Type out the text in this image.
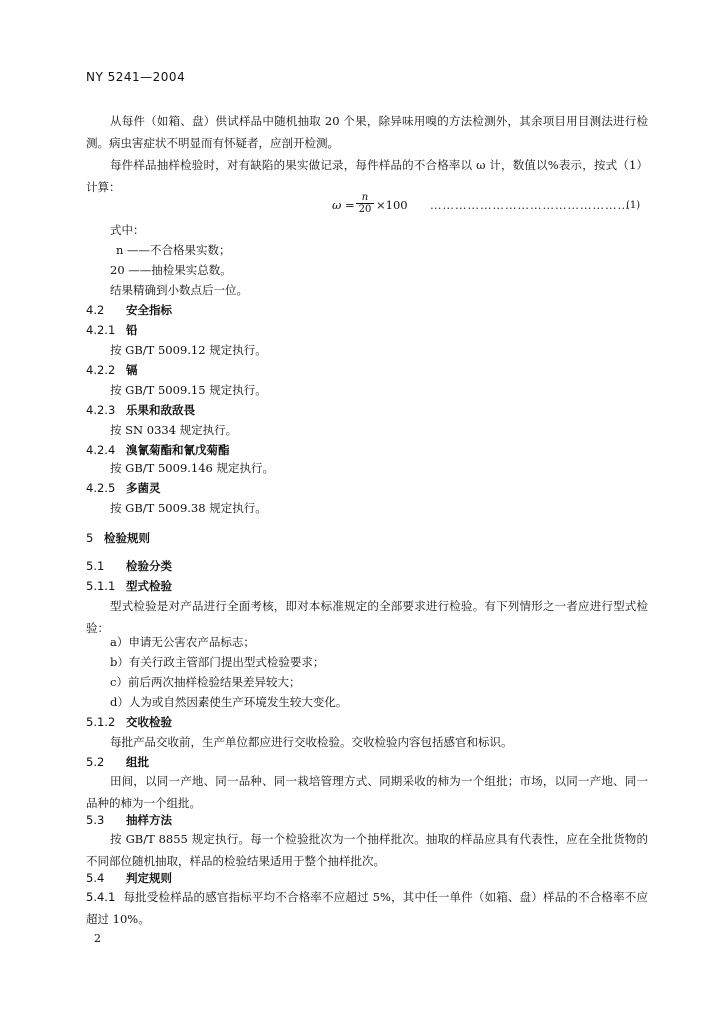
NY 5241—2004
从每件（如箱、盘）供试样品中随机抽取 20 个果，除异味用嗅的方法检测外，其余项目用目测法进行检测。病虫害症状不明显而有怀疑者，应剖开检测。
每件样品抽样检验时，对有缺陷的果实做记录，每件样品的不合格率以 ω 计，数值以%表示，按式（1）计算：
$\omega = \frac{n}{20} \times 100$ …………………………………………
(1)
式中：
n ——不合格果实数；
20 ——抽检果实总数。
结果精确到小数点后一位。
4.2 安全指标
4.2.1 铅
按 GB/T 5009.12 规定执行。
4.2.2 镉
按 GB/T 5009.15 规定执行。
4.2.3 乐果和敌敌畏
按 SN 0334 规定执行。
4.2.4 溴氰菊酯和氰戊菊酯
按 GB/T 5009.146 规定执行。
4.2.5 多菌灵
按 GB/T 5009.38 规定执行。
5 检验规则
5.1 检验分类
5.1.1 型式检验
型式检验是对产品进行全面考核，即对本标准规定的全部要求进行检验。有下列情形之一者应进行型式检验：
a）申请无公害农产品标志；
b）有关行政主管部门提出型式检验要求；
c）前后两次抽样检验结果差异较大；
d）人为或自然因素使生产环境发生较大变化。
5.1.2 交收检验
每批产品交收前，生产单位都应进行交收检验。交收检验内容包括感官和标识。
5.2 组批
田间，以同一产地、同一品种、同一栽培管理方式、同期采收的柿为一个组批；市场，以同一产地、同一品种的柿为一个组批。
5.3 抽样方法
按 GB/T 8855 规定执行。每一个检验批次为一个抽样批次。抽取的样品应具有代表性，应在全批货物的不同部位随机抽取，样品的检验结果适用于整个抽样批次。
5.4 判定规则
5.4.1 每批受检样品的感官指标平均不合格率不应超过 5%，其中任一单件（如箱、盘）样品的不合格率不应超过 10%。
2
